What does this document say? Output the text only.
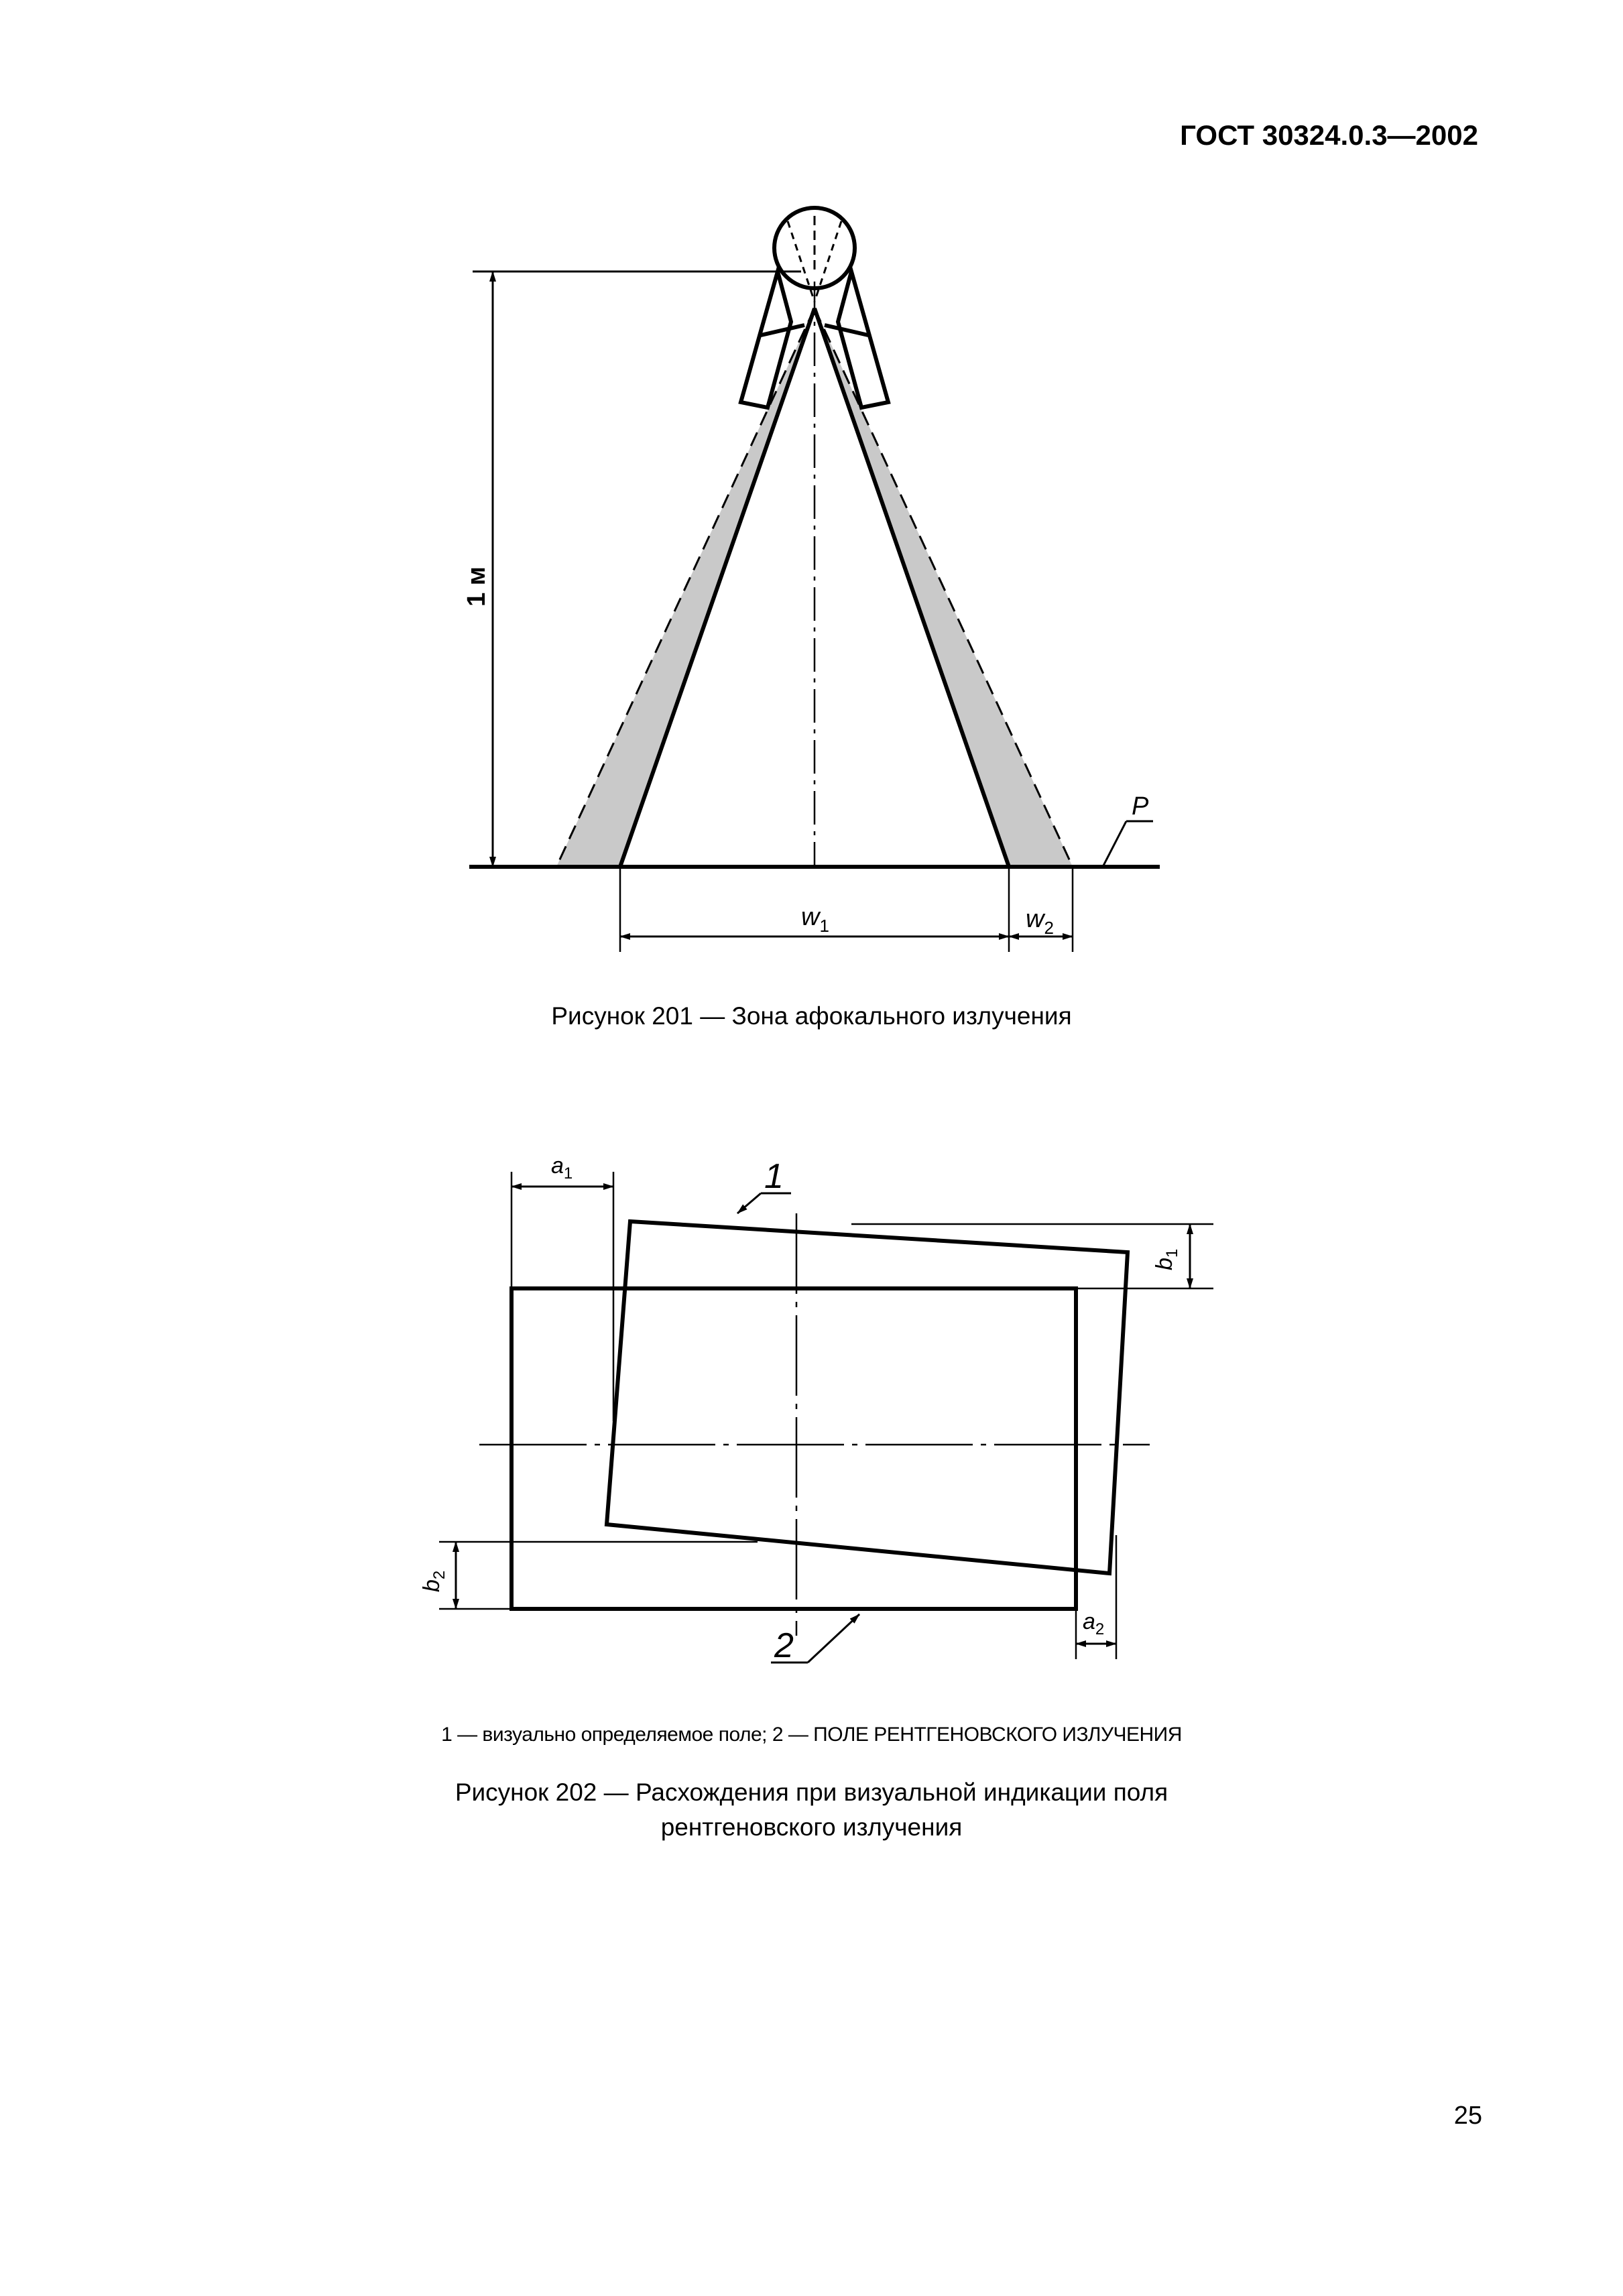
ГОСТ 30324.0.3—2002
P
1 м
$w_1$	$w_2$
Рисунок 201 — Зона афокального излучения
$a_1$	1
$b_1$
$b_2$
$a_2$
2
1 — визуально определяемое поле; 2 — ПОЛЕ РЕНТГЕНОВСКОГО ИЗЛУЧЕНИЯ
Рисунок 202 — Расхождения при визуальной индикации поля
рентгеновского излучения
25
